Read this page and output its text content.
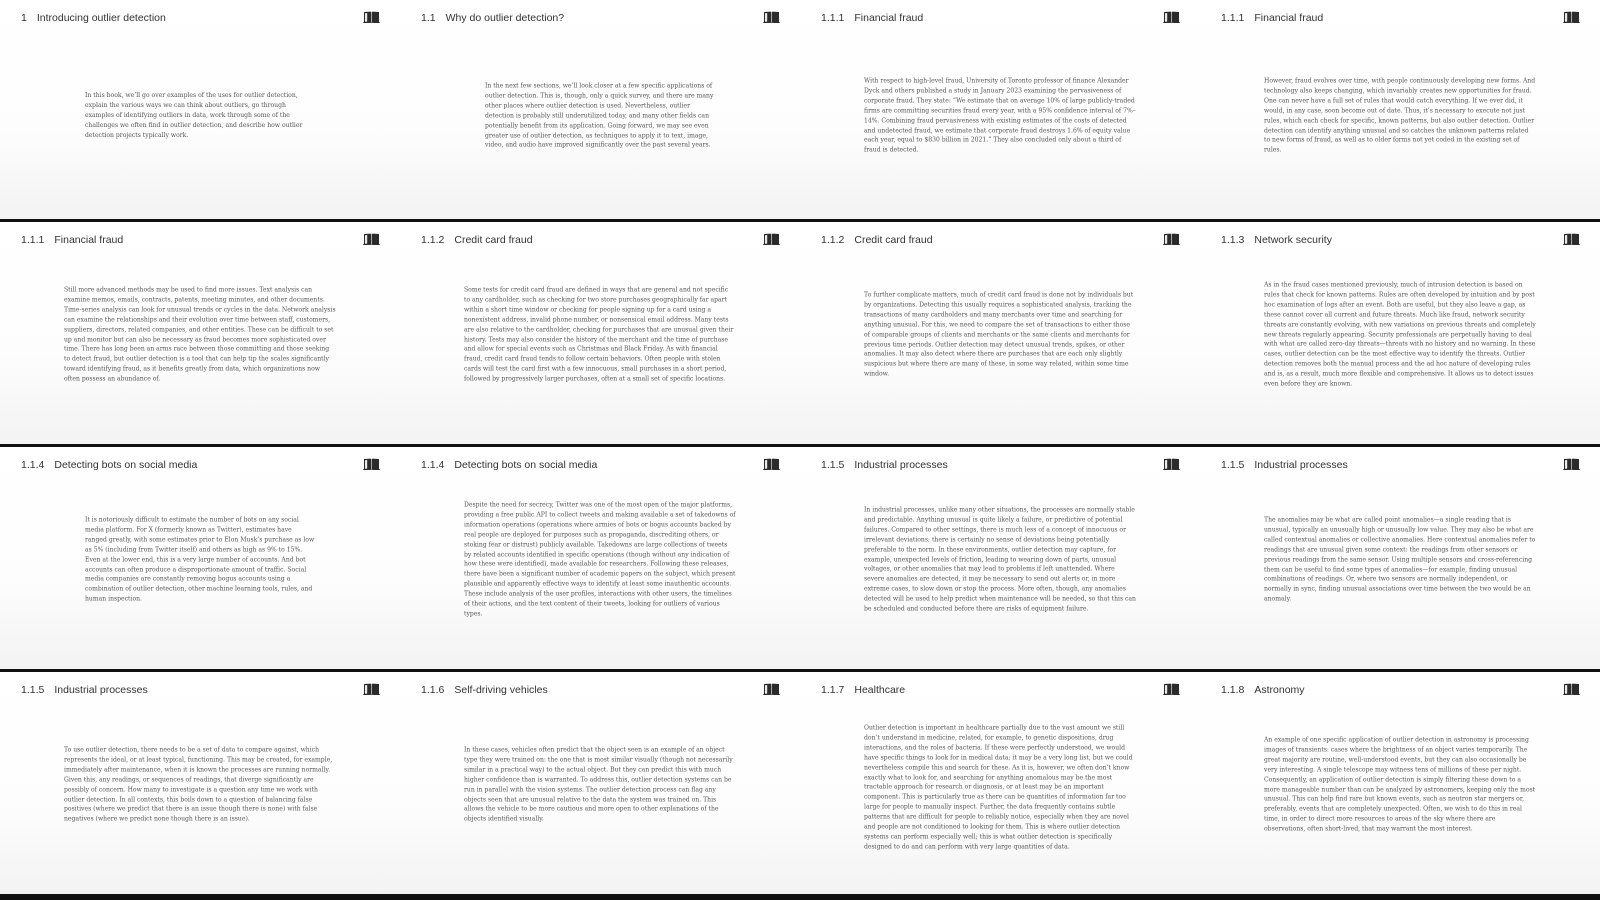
1 Introducing outlier detection
In this book, we’ll go over examples of the uses for outlier detection, explain the various ways we can think about outliers, go through examples of identifying outliers in data, work through some of the challenges we often find in outlier detection, and describe how outlier detection projects typically work.
1.1 Why do outlier detection?
In the next few sections, we’ll look closer at a few specific applications of outlier detection. This is, though, only a quick survey, and there are many other places where outlier detection is used. Nevertheless, outlier detection is probably still underutilized today, and many other fields can potentially benefit from its application. Going forward, we may see even greater use of outlier detection, as techniques to apply it to text, image, video, and audio have improved significantly over the past several years.
1.1.1 Financial fraud
With respect to high-level fraud, University of Toronto professor of finance Alexander Dyck and others published a study in January 2023 examining the pervasiveness of corporate fraud. They state: “We estimate that on average 10% of large publicly-traded firms are committing securities fraud every year, with a 95% confidence interval of 7%–14%. Combining fraud pervasiveness with existing estimates of the costs of detected and undetected fraud, we estimate that corporate fraud destroys 1.6% of equity value each year, equal to $830 billion in 2021.” They also concluded only about a third of fraud is detected.
1.1.1 Financial fraud
However, fraud evolves over time, with people continuously developing new forms. And technology also keeps changing, which invariably creates new opportunities for fraud. One can never have a full set of rules that would catch everything. If we ever did, it would, in any case, soon become out of date. Thus, it’s necessary to execute not just rules, which each check for specific, known patterns, but also outlier detection. Outlier detection can identify anything unusual and so catches the unknown patterns related to new forms of fraud, as well as to older forms not yet coded in the existing set of rules.
1.1.1 Financial fraud
Still more advanced methods may be used to find more issues. Text analysis can examine memos, emails, contracts, patents, meeting minutes, and other documents. Time-series analysis can look for unusual trends or cycles in the data. Network analysis can examine the relationships and their evolution over time between staff, customers, suppliers, directors, related companies, and other entities. These can be difficult to set up and monitor but can also be necessary as fraud becomes more sophisticated over time. There has long been an arms race between those committing and those seeking to detect fraud, but outlier detection is a tool that can help tip the scales significantly toward identifying fraud, as it benefits greatly from data, which organizations now often possess an abundance of.
1.1.2 Credit card fraud
Some tests for credit card fraud are defined in ways that are general and not specific to any cardholder, such as checking for two store purchases geographically far apart within a short time window or checking for people signing up for a card using a nonexistent address, invalid phone number, or nonsensical email address. Many tests are also relative to the cardholder, checking for purchases that are unusual given their history. Tests may also consider the history of the merchant and the time of purchase and allow for special events such as Christmas and Black Friday. As with financial fraud, credit card fraud tends to follow certain behaviors. Often people with stolen cards will test the card first with a few innocuous, small purchases in a short period, followed by progressively larger purchases, often at a small set of specific locations.
1.1.2 Credit card fraud
To further complicate matters, much of credit card fraud is done not by individuals but by organizations. Detecting this usually requires a sophisticated analysis, tracking the transactions of many cardholders and many merchants over time and searching for anything unusual. For this, we need to compare the set of transactions to either those of comparable groups of clients and merchants or the same clients and merchants for previous time periods. Outlier detection may detect unusual trends, spikes, or other anomalies. It may also detect where there are purchases that are each only slightly suspicious but where there are many of these, in some way related, within some time window.
1.1.3 Network security
As in the fraud cases mentioned previously, much of intrusion detection is based on rules that check for known patterns. Rules are often developed by intuition and by post hoc examination of logs after an event. Both are useful, but they also leave a gap, as these cannot cover all current and future threats. Much like fraud, network security threats are constantly evolving, with new variations on previous threats and completely new threats regularly appearing. Security professionals are perpetually having to deal with what are called zero-day threats—threats with no history and no warning. In these cases, outlier detection can be the most effective way to identify the threats. Outlier detection removes both the manual process and the ad hoc nature of developing rules and is, as a result, much more flexible and comprehensive. It allows us to detect issues even before they are known.
1.1.4 Detecting bots on social media
It is notoriously difficult to estimate the number of bots on any social media platform. For X (formerly known as Twitter), estimates have ranged greatly, with some estimates prior to Elon Musk’s purchase as low as 5% (including from Twitter itself) and others as high as 9% to 15%. Even at the lower end, this is a very large number of accounts. And bot accounts can often produce a disproportionate amount of traffic. Social media companies are constantly removing bogus accounts using a combination of outlier detection, other machine learning tools, rules, and human inspection.
1.1.4 Detecting bots on social media
Despite the need for secrecy, Twitter was one of the most open of the major platforms, providing a free public API to collect tweets and making available a set of takedowns of information operations (operations where armies of bots or bogus accounts backed by real people are deployed for purposes such as propaganda, discrediting others, or stoking fear or distrust) publicly available. Takedowns are large collections of tweets by related accounts identified in specific operations (though without any indication of how these were identified), made available for researchers. Following these releases, there have been a significant number of academic papers on the subject, which present plausible and apparently effective ways to identify at least some inauthentic accounts. These include analysis of the user profiles, interactions with other users, the timelines of their actions, and the text content of their tweets, looking for outliers of various types.
1.1.5 Industrial processes
In industrial processes, unlike many other situations, the processes are normally stable and predictable. Anything unusual is quite likely a failure, or predictive of potential failures. Compared to other settings, there is much less of a concept of innocuous or irrelevant deviations; there is certainly no sense of deviations being potentially preferable to the norm. In these environments, outlier detection may capture, for example, unexpected levels of friction, leading to wearing down of parts, unusual voltages, or other anomalies that may lead to problems if left unattended. Where severe anomalies are detected, it may be necessary to send out alerts or, in more extreme cases, to slow down or stop the process. More often, though, any anomalies detected will be used to help predict when maintenance will be needed, so that this can be scheduled and conducted before there are risks of equipment failure.
1.1.5 Industrial processes
The anomalies may be what are called point anomalies—a single reading that is unusual, typically an unusually high or unusually low value. They may also be what are called contextual anomalies or collective anomalies. Here contextual anomalies refer to readings that are unusual given some context: the readings from other sensors or previous readings from the same sensor. Using multiple sensors and cross-referencing them can be useful to find some types of anomalies—for example, finding unusual combinations of readings. Or, where two sensors are normally independent, or normally in sync, finding unusual associations over time between the two would be an anomaly.
1.1.5 Industrial processes
To use outlier detection, there needs to be a set of data to compare against, which represents the ideal, or at least typical, functioning. This may be created, for example, immediately after maintenance, when it is known the processes are running normally. Given this, any readings, or sequences of readings, that diverge significantly are possibly of concern. How many to investigate is a question any time we work with outlier detection. In all contexts, this boils down to a question of balancing false positives (where we predict that there is an issue though there is none) with false negatives (where we predict none though there is an issue).
1.1.6 Self-driving vehicles
In these cases, vehicles often predict that the object seen is an example of an object type they were trained on: the one that is most similar visually (though not necessarily similar in a practical way) to the actual object. But they can predict this with much higher confidence than is warranted. To address this, outlier detection systems can be run in parallel with the vision systems. The outlier detection process can flag any objects seen that are unusual relative to the data the system was trained on. This allows the vehicle to be more cautious and more open to other explanations of the objects identified visually.
1.1.7 Healthcare
Outlier detection is important in healthcare partially due to the vast amount we still don’t understand in medicine, related, for example, to genetic dispositions, drug interactions, and the roles of bacteria. If these were perfectly understood, we would have specific things to look for in medical data; it may be a very long list, but we could nevertheless compile this and search for these. As it is, however, we often don’t know exactly what to look for, and searching for anything anomalous may be the most tractable approach for research or diagnosis, or at least may be an important component. This is particularly true as there can be quantities of information far too large for people to manually inspect. Further, the data frequently contains subtle patterns that are difficult for people to reliably notice, especially when they are novel and people are not conditioned to looking for them. This is where outlier detection systems can perform especially well; this is what outlier detection is specifically designed to do and can perform with very large quantities of data.
1.1.8 Astronomy
An example of one specific application of outlier detection in astronomy is processing images of transients: cases where the brightness of an object varies temporarily. The great majority are routine, well-understood events, but they can also occasionally be very interesting. A single telescope may witness tens of millions of these per night. Consequently, an application of outlier detection is simply filtering these down to a more manageable number than can be analyzed by astronomers, keeping only the most unusual. This can help find rare but known events, such as neutron star mergers or, preferably, events that are completely unexpected. Often, we wish to do this in real time, in order to direct more resources to areas of the sky where there are observations, often short-lived, that may warrant the most interest.
